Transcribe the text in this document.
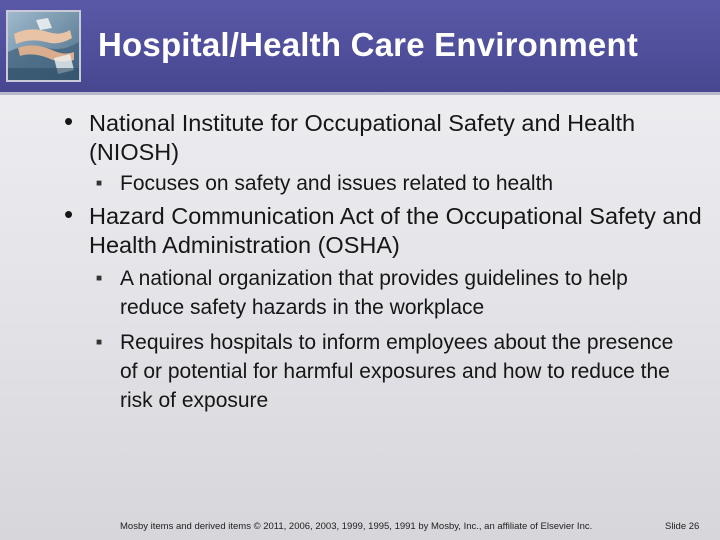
Hospital/Health Care Environment
• National Institute for Occupational Safety and Health (NIOSH)
■ Focuses on safety and issues related to health
• Hazard Communication Act of the Occupational Safety and Health Administration (OSHA)
■ A national organization that provides guidelines to help reduce safety hazards in the workplace
■ Requires hospitals to inform employees about the presence of or potential for harmful exposures and how to reduce the risk of exposure
Mosby items and derived items © 2011, 2006, 2003, 1999, 1995, 1991 by Mosby, Inc., an affiliate of Elsevier Inc.	Slide 26
